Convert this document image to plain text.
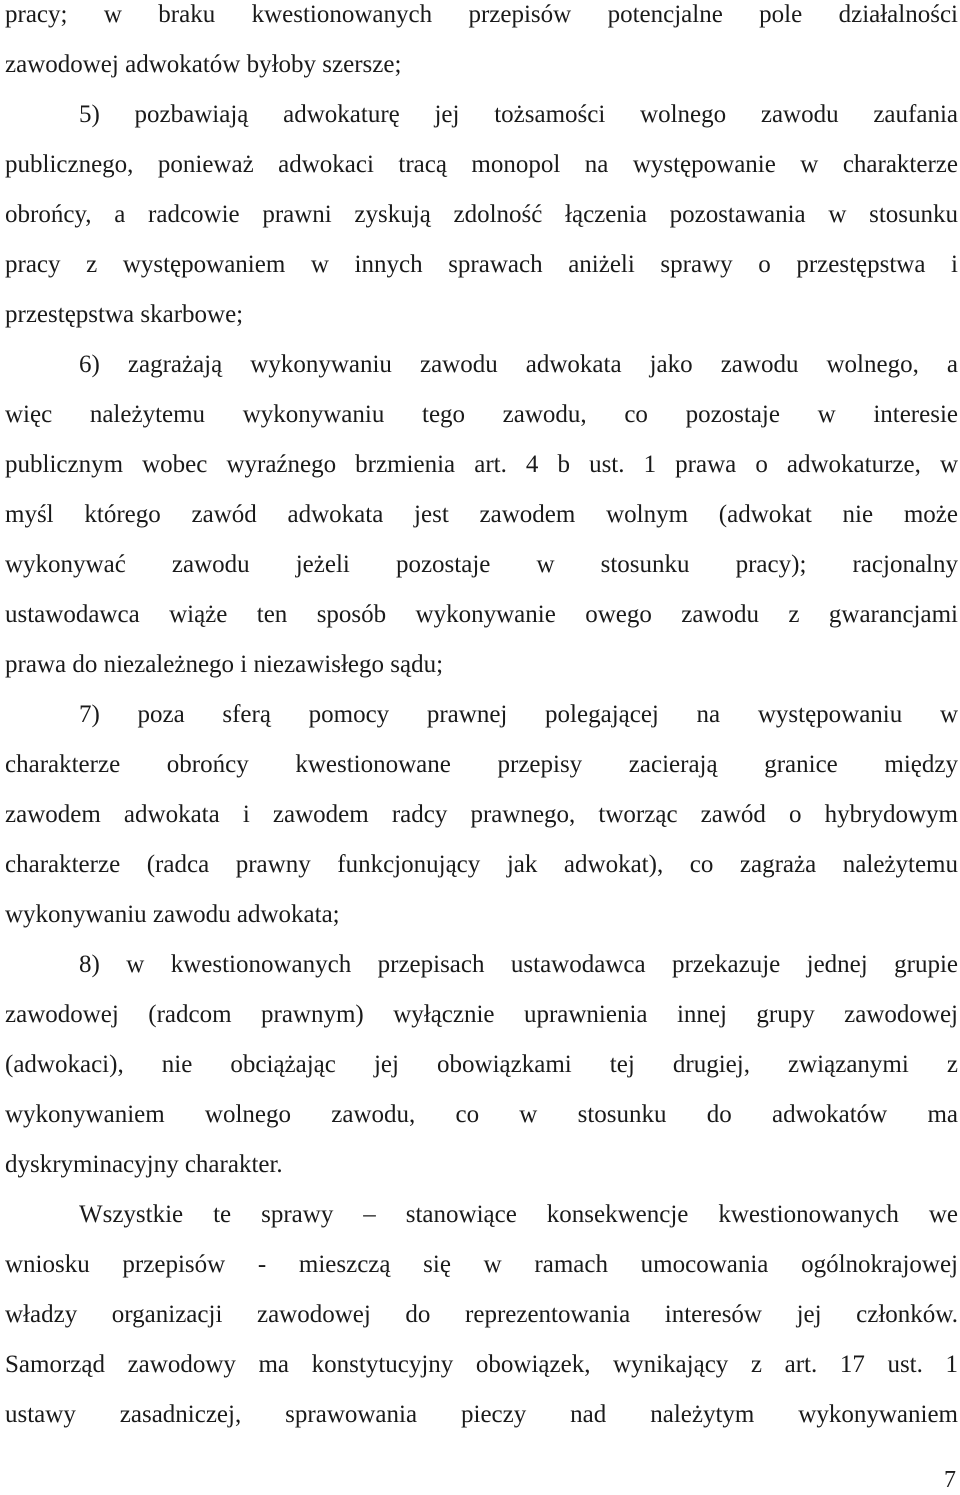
pracy; w braku kwestionowanych przepisów potencjalne pole działalności
zawodowej adwokatów byłoby szersze;
5) pozbawiają adwokaturę jej tożsamości wolnego zawodu zaufania
publicznego, ponieważ adwokaci tracą monopol na występowanie w charakterze
obrońcy, a radcowie prawni zyskują zdolność łączenia pozostawania w stosunku
pracy z występowaniem w innych sprawach aniżeli sprawy o przestępstwa i
przestępstwa skarbowe;
6) zagrażają wykonywaniu zawodu adwokata jako zawodu wolnego, a
więc należytemu wykonywaniu tego zawodu, co pozostaje w interesie
publicznym wobec wyraźnego brzmienia art. 4 b ust. 1 prawa o adwokaturze, w
myśl którego zawód adwokata jest zawodem wolnym (adwokat nie może
wykonywać zawodu jeżeli pozostaje w stosunku pracy); racjonalny
ustawodawca wiąże ten sposób wykonywanie owego zawodu z gwarancjami
prawa do niezależnego i niezawisłego sądu;
7) poza sferą pomocy prawnej polegającej na występowaniu w
charakterze obrońcy kwestionowane przepisy zacierają granice między
zawodem adwokata i zawodem radcy prawnego, tworząc zawód o hybrydowym
charakterze (radca prawny funkcjonujący jak adwokat), co zagraża należytemu
wykonywaniu zawodu adwokata;
8) w kwestionowanych przepisach ustawodawca przekazuje jednej grupie
zawodowej (radcom prawnym) wyłącznie uprawnienia innej grupy zawodowej
(adwokaci), nie obciążając jej obowiązkami tej drugiej, związanymi z
wykonywaniem wolnego zawodu, co w stosunku do adwokatów ma
dyskryminacyjny charakter.
Wszystkie te sprawy – stanowiące konsekwencje kwestionowanych we
wniosku przepisów - mieszczą się w ramach umocowania ogólnokrajowej
władzy organizacji zawodowej do reprezentowania interesów jej członków.
Samorząd zawodowy ma konstytucyjny obowiązek, wynikający z art. 17 ust. 1
ustawy zasadniczej, sprawowania pieczy nad należytym wykonywaniem
7
